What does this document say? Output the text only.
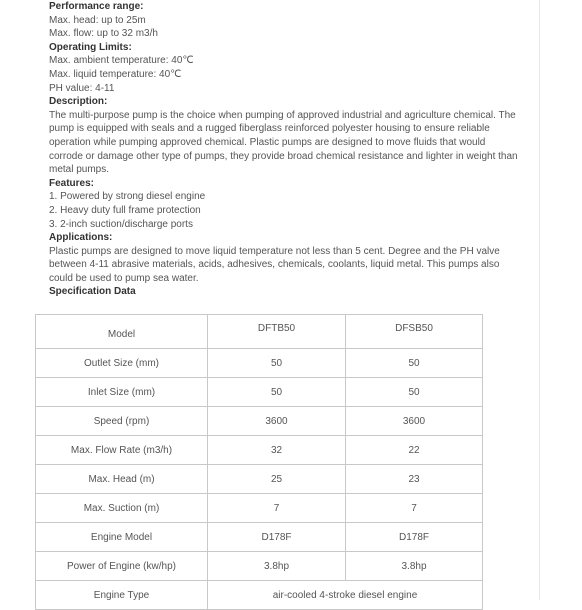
Performance range:
Max. head: up to 25m
Max. flow: up to 32 m3/h
Operating Limits:
Max. ambient temperature: 40℃
Max. liquid temperature: 40℃
PH value: 4-11
Description:
The multi-purpose pump is the choice when pumping of approved industrial and agriculture chemical. The
pump is equipped with seals and a rugged fiberglass reinforced polyester housing to ensure reliable
operation while pumping approved chemical. Plastic pumps are designed to move fluids that would
corrode or damage other type of pumps, they provide broad chemical resistance and lighter in weight than
metal pumps.
Features:
1. Powered by strong diesel engine
2. Heavy duty full frame protection
3. 2-inch suction/discharge ports
Applications:
Plastic pumps are designed to move liquid temperature not less than 5 cent. Degree and the PH valve
between 4-11 abrasive materials, acids, adhesives, chemicals, coolants, liquid metal. This pumps also
could be used to pump sea water.
Specification Data
Model	DFTB50	DFSB50

Outlet Size (mm)	50	50
Inlet Size (mm)	50	50
Speed (rpm)	3600	3600
Max. Flow Rate (m3/h)	32	22
Max. Head (m)	25	23
Max. Suction (m)	7	7
Engine Model	D178F	D178F
Power of Engine (kw/hp)	3.8hp	3.8hp
Engine Type	air-cooled 4-stroke diesel engine	
